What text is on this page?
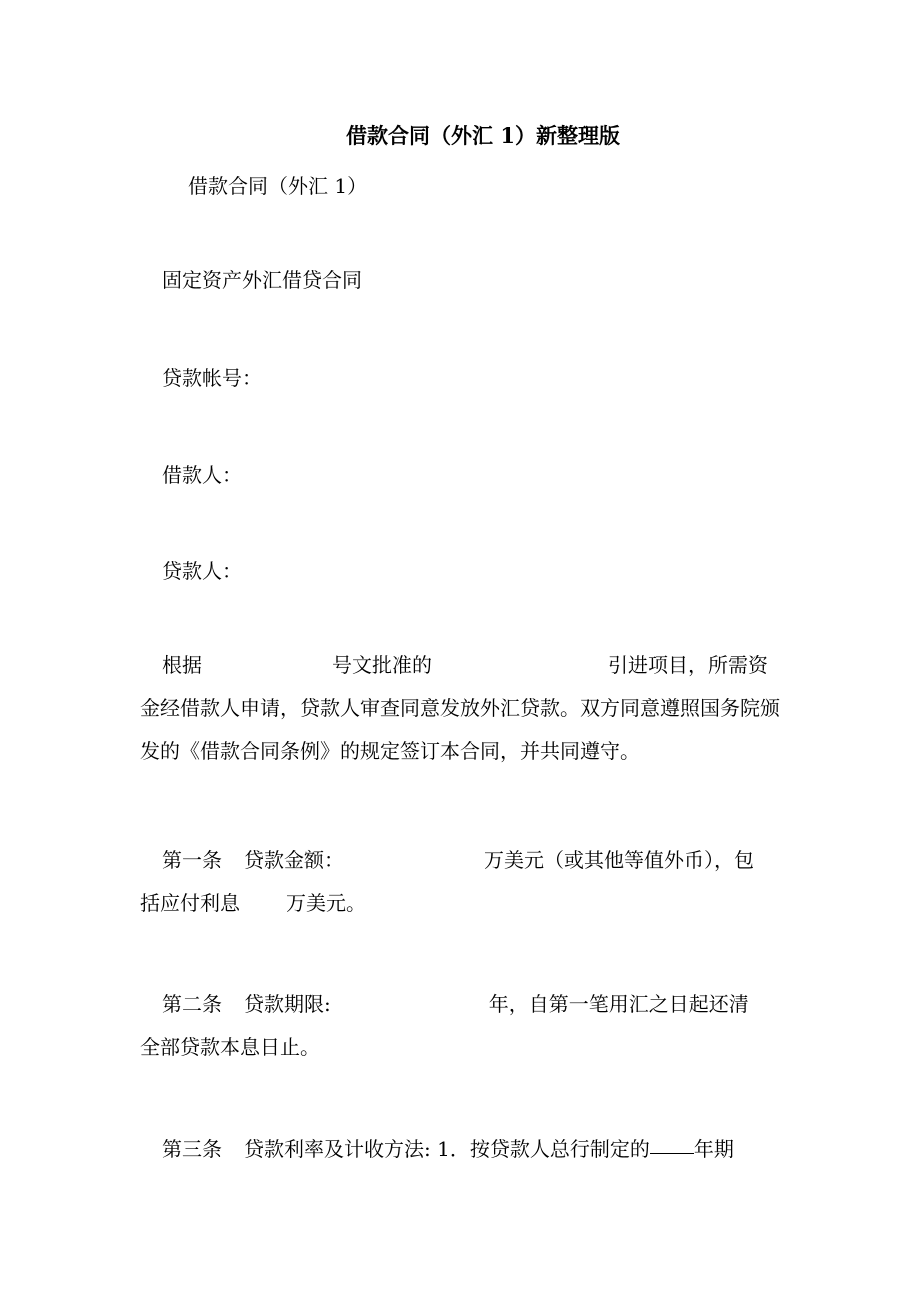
借款合同（外汇 1）新整理版
借款合同（外汇 1）
固定资产外汇借贷合同
贷款帐号：
借款人：
贷款人：
根据	号文批准的	引进项目，所需资
金经借款人申请，贷款人审查同意发放外汇贷款。双方同意遵照国务院颁发的《借款合同条例》的规定签订本合同，并共同遵守。
第一条 贷款金额：	万美元（或其他等值外币），包
括应付利息 万美元。
第二条 贷款期限:	年，自第一笔用汇之日起还清
全部贷款本息日止。
第三条 贷款利率及计收方法: 1．按贷款人总行制定的 年期
